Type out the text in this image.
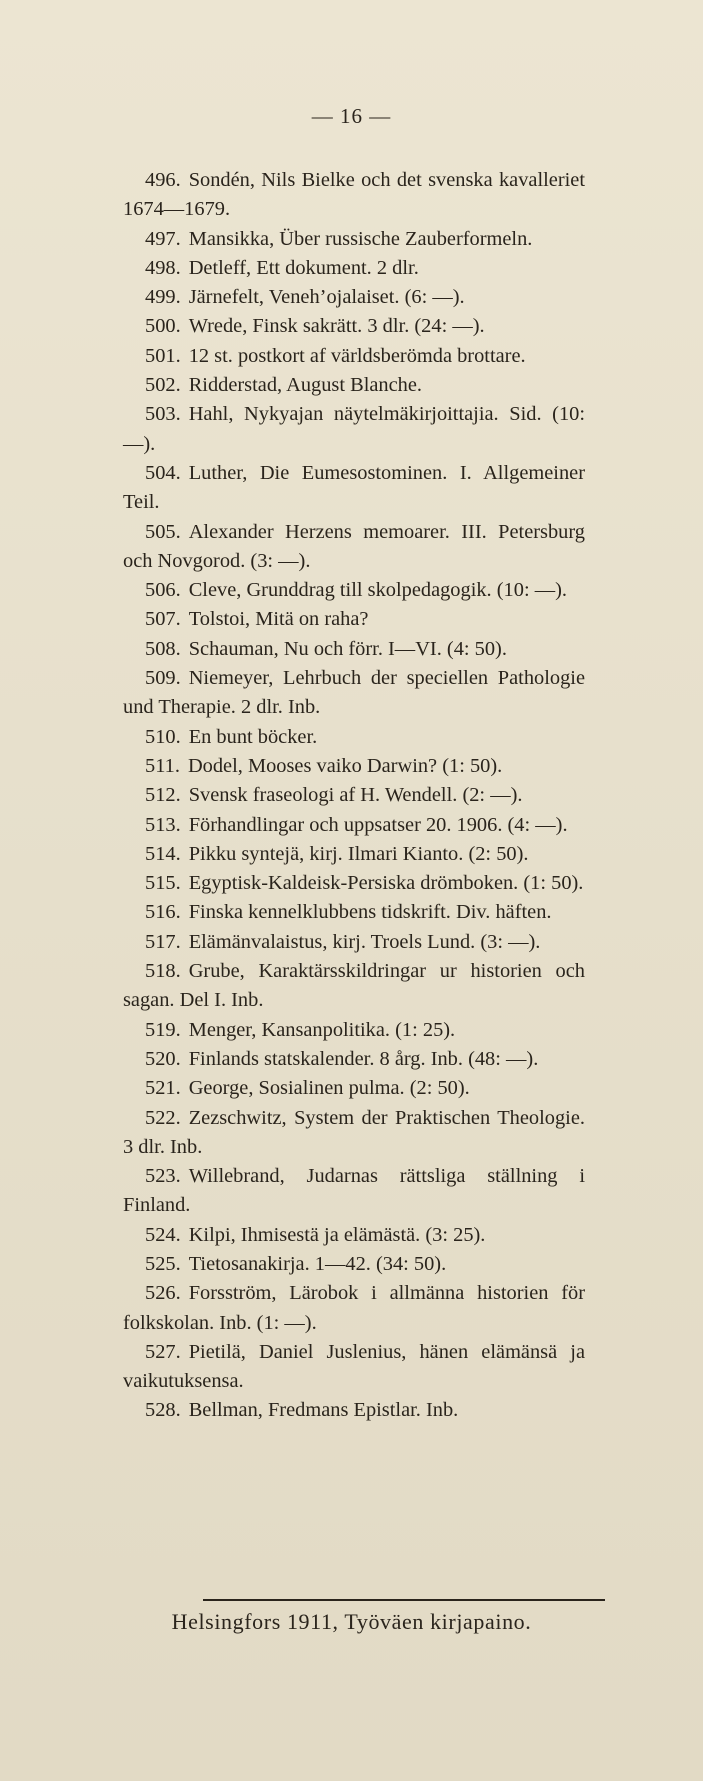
— 16 —

496. Sondén, Nils Bielke och det svenska kavalleriet 1674—1679.

497. Mansikka, Über russische Zauberformeln.

498. Detleff, Ett dokument. 2 dlr.

499. Järnefelt, Veneh’ojalaiset. (6: —).

500. Wrede, Finsk sakrätt. 3 dlr. (24: —).

501. 12 st. postkort af världsberömda brottare.

502. Ridderstad, August Blanche.

503. Hahl, Nykyajan näytelmäkirjoittajia. Sid. (10: —).

504. Luther, Die Eumesostominen. I. Allgemeiner Teil.

505. Alexander Herzens memoarer. III. Petersburg och Novgorod. (3: —).

506. Cleve, Grunddrag till skolpedagogik. (10: —).

507. Tolstoi, Mitä on raha?

508. Schauman, Nu och förr. I—VI. (4: 50).

509. Niemeyer, Lehrbuch der speciellen Pathologie und Therapie. 2 dlr. Inb.

510. En bunt böcker.

511. Dodel, Mooses vaiko Darwin? (1: 50).

512. Svensk fraseologi af H. Wendell. (2: —).

513. Förhandlingar och uppsatser 20. 1906. (4: —).

514. Pikku syntejä, kirj. Ilmari Kianto. (2: 50).

515. Egyptisk-Kaldeisk-Persiska drömboken. (1: 50).

516. Finska kennelklubbens tidskrift. Div. häften.

517. Elämänvalaistus, kirj. Troels Lund. (3: —).

518. Grube, Karaktärsskildringar ur historien och sagan. Del I. Inb.

519. Menger, Kansanpolitika. (1: 25).

520. Finlands statskalender. 8 årg. Inb. (48: —).

521. George, Sosialinen pulma. (2: 50).

522. Zezschwitz, System der Praktischen Theologie. 3 dlr. Inb.

523. Willebrand, Judarnas rättsliga ställning i Finland.

524. Kilpi, Ihmisestä ja elämästä. (3: 25).

525. Tietosanakirja. 1—42. (34: 50).

526. Forsström, Lärobok i allmänna historien för folkskolan. Inb. (1: —).

527. Pietilä, Daniel Juslenius, hänen elämänsä ja vaikutuksensa.

528. Bellman, Fredmans Epistlar. Inb.

Helsingfors 1911, Työväen kirjapaino.
